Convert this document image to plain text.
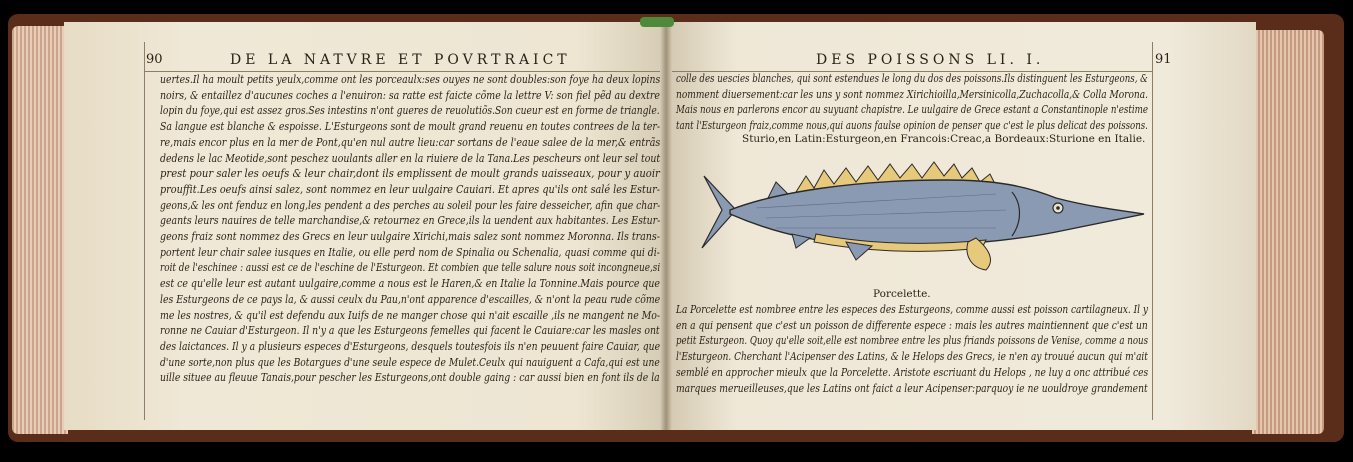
90	DE LA NATVRE ET POVRTRAICT
uertes.Il ha moult petits yeulx,comme ont les porceaulx:ses ouyes ne sont doubles:son foye ha deux lopins
noirs, & entaillez d'aucunes coches a l'enuiron: sa ratte est faicte cõme la lettre V: son fiel pẽd au dextre
lopin du foye,qui est assez gros.Ses intestins n'ont gueres de reuolutiõs.Son cueur est en forme de triangle.
Sa langue est blanche & espoisse. L'Esturgeons sont de moult grand reuenu en toutes contrees de la ter-
re,mais encor plus en la mer de Pont,qu'en nul autre lieu:car sortans de l'eaue salee de la mer,& entrãs
dedens le lac Meotide,sont peschez uoulants aller en la riuiere de la Tana.Les pescheurs ont leur sel tout
prest pour saler les oeufs & leur chair,dont ils emplissent de moult grands uaisseaux, pour y auoir
prouffit.Les oeufs ainsi salez, sont nommez en leur uulgaire Cauiari. Et apres qu'ils ont salé les Estur-
geons,& les ont fenduz en long,les pendent a des perches au soleil pour les faire desseicher, afin que char-
geants leurs nauires de telle marchandise,& retournez en Grece,ils la uendent aux habitantes. Les Estur-
geons fraiz sont nommez des Grecs en leur uulgaire Xirichi,mais salez sont nommez Moronna. Ils trans-
portent leur chair salee iusques en Italie, ou elle perd nom de Spinalia ou Schenalia, quasi comme qui di-
roit de l'eschinee : aussi est ce de l'eschine de l'Esturgeon. Et combien que telle salure nous soit incongneue,si
est ce qu'elle leur est autant uulgaire,comme a nous est le Haren,& en Italie la Tonnine.Mais pource que
les Esturgeons de ce pays la, & aussi ceulx du Pau,n'ont apparence d'escailles, & n'ont la peau rude cõme
me les nostres, & qu'il est defendu aux Iuifs de ne manger chose qui n'ait escaille ,ils ne mangent ne Mo-
ronne ne Cauiar d'Esturgeon. Il n'y a que les Esturgeons femelles qui facent le Cauiare:car les masles ont
des laictances. Il y a plusieurs especes d'Esturgeons, desquels toutesfois ils n'en peuuent faire Cauiar, que
d'une sorte,non plus que les Botargues d'une seule espece de Mulet.Ceulx qui nauiguent a Cafa,qui est une
uille situee au fleuue Tanais,pour pescher les Esturgeons,ont double gaing : car aussi bien en font ils de la
DES POISSONS LI. I.	91
colle des uescies blanches, qui sont estendues le long du dos des poissons.Ils distinguent les Esturgeons, &
nomment diuersement:car les uns y sont nommez Xirichioilla,Mersinicolla,Zuchacolla,& Colla Morona.
Mais nous en parlerons encor au suyuant chapistre. Le uulgaire de Grece estant a Constantinople n'estime
tant l'Esturgeon fraiz,comme nous,qui auons faulse opinion de penser que c'est le plus delicat des poissons.
Sturio,en Latin:Esturgeon,en Francois:Creac,a Bordeaux:Sturione en Italie.
Porcelette.
La Porcelette est nombree entre les especes des Esturgeons, comme aussi est poisson cartilagneux. Il y
en a qui pensent que c'est un poisson de differente espece : mais les autres maintiennent que c'est un
petit Esturgeon. Quoy qu'elle soit,elle est nombree entre les plus friands poissons de Venise, comme a nous
l'Esturgeon. Cherchant l'Acipenser des Latins, & le Helops des Grecs, ie n'en ay trouué aucun qui m'ait
semblé en approcher mieulx que la Porcelette. Aristote escriuant du Helops , ne luy a onc attribué ces
marques merueilleuses,que les Latins ont faict a leur Acipenser:parquoy ie ne uouldroye grandement
